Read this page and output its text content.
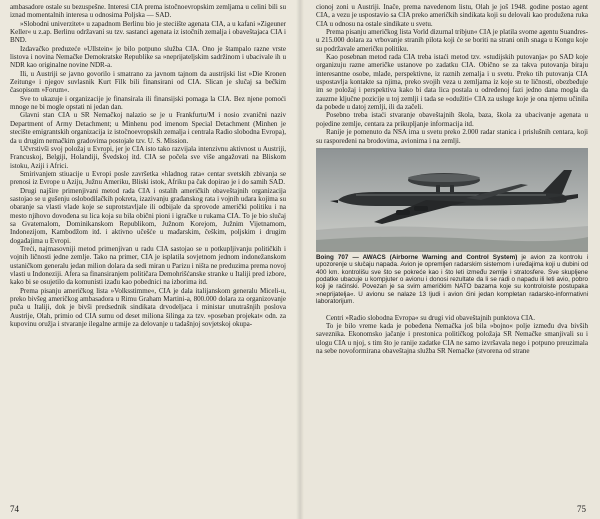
ambasadore ostale su bezuspešne. Interesi CIA prema istočnoevropskim zemljama u celini bili su iznad momentalnih interesa u odnosima Poljska — SAD.

»Slobodni univerzitet« u zapadnom Berlinu bio je steciište agenata CIA, a u kafani »Zigeuner Keller« u z.ap. Berlinu održavani su tzv. sastanci agenata iz istočnih zemalja i obaveštajaca CIA i BND.

Izdavačko preduzeće »Ullstein« je bilo potpuno služba CIA. Ono je štampalo razne vrste listova i novina Nemačke Demokratske Republike sa »neprijateljskim sadržinom i ubacivale ih u NDR kao originalne novine NDR-a.

Ili, u Austriji se javno govorilo i smatrano za javnom tajnom da austrijski list »Die Kronen Zeitung« i njegov suvlasnik Kurt Filk bili finansirani od CIA. Slican je slučaj sa bečkim časopisom »Forum«.

Sve to ukazuje i organizacije je finansirala ili finansijski pomaga la CIA. Bez njene pomoći mnoge ne bi mogle opstati ni jedan dan.

Glavni stan CIA u SR Nemačkoj nalazio se je u Frankfurtu/M i nosio zvanični naziv Department of Army Detachment; u Minhenu pod imenom Special Detachment (Minhen je stecište emigrantskih organizacija iz istočnoevropskih zemalja i centrala Radio slobodna Evropa), da u drugim nemačkim gradovima postojale tzv. U. S. Mission.

Učvrstivši svoj položaj u Evropi, jer je CIA isto tako razvijala intenzivnu aktivnost u Austriji, Francuskoj, Belgiji, Holandiji, Švedskoj itd. CIA se počela sve više angažovati na Bliskom istoku, Aziji i Africi.

Smirivanjem stiuacije u Evropi posle završetka »hladnog rata« centar svetskih zbivanja se prenosi iz Evrope u Aziju, Južnu Ameriku, Bliski istok, Afriku pa čak dopirao je i do samih SAD.

Drugi najšire primenjivani metod rada CIA i ostalih američkih obaveštajnih organizacija sastojao se u gušenju oslobodilačkih pokreta, izazivanju građanskog rata i vojnih udara kojima su obaranje sa vlasti vlade koje se suprotstavljale ili odbijale da sprovode američki politiku i na mesto njihovo dovođena su lica koja su bila obični pioni i igračke u rukama CIA. To je bio slučaj sa Gvatemalom, Dominikanskom Republikom, Južnom Korejom, Južnim Vijetnamom, Indonezijom, Kambodžom itd. i aktivno učešće u mađarskim, češkim, poljskim i drugim događajima u Evropi.

Treći, najmasovniji metod primenjivan u radu CIA sastojao se u potkupljivanju političkih i vojnih ličnosti jedne zemlje. Tako na primer, CIA je isplatila sovjetnom jednom indonežanskom ustaničkom generalu jedan milion dolara da sedi miran u Parizu i ništa ne preduzima prema novoj vlasti u Indoneziji. Afera sa finansiranjem političara Demohrišćanske stranke u Italiji pred izbore, kako bi se osujetilo da komunisti izađu kao pobednici na izborima itd.

Prema pisanju američkog lista »Volksstimme«, CIA je dala italijanskom generalu Miceli-u, preko bivšeg američkog ambasadora u Rimu Graham Martini-a, 800.000 dolara za organizovanje puča u Italiji, dok je bivši predsednik sindikata drvodeljaca i ministar unutrašnjih poslova Austrije, Olah, primio od CIA sumu od deset miliona šilinga za tzv. »poseban projekat« odn. za kupovinu oružja i stvaranje ilegalne armije za delovanje u tadašnjoj sovjetskoj okupa-

74

cionoj zoni u Austriji. Inače, prema navedenom listu, Olah je još 1948. godine postao agent CIA, a vezu je uspostavio sa CIA preko američkih sindikata koji su delovali kao produžena ruka CIA u odnosu na ostale sindikate u svetu.

Prema pisanju američkog lista Vorld dizurnal tribjun« CIA je platila svome agentu Suandres-u 215.000 dolara za vrbovanje stranih pilota koji će se boriti na strani onih snaga u Kongu koje su podržavale američku politiku.

Kao posebnan metod rada CIA treba istaći metod tzv. »studijskih putovanja« po SAD koje organizuju razne američke ustanove po zadatku CIA. Obično se za takva putovanja biraju interesantne osobe, mlađe, perspektivne, iz raznih zemalja i u svetu. Preko tih putovanja CIA uspostavlja kontakte sa njima, preko svojih veza u zemljama iz koje su te ličnosti, obezbeđuje im se položaj i perspektiva kako bi data lica postala u određenoj fazi jedno dana mogla da zauzme ključne pozicije u toj zemlji i tada se »odužiti« CIA za usluge koje je ona njemu učinila da pobede u datoj zemlji, ili da začeli.

Posebno treba istaći stvaranje obaveštajnih škola, baza, škola za ubacivanje agenata u pojedine zemlje, centara za prikupljanje informacija itd.

Ranije je pomenuto da NSA ima u svetu preko 2.000 radar stanica i prislušnih centara, koji su raspoređeni na brodovima, avionima i na zemlji.

Boing 707 — AWACS (Airborne Warning and Control System) je avion za kontrolu i upozorenje u slučaju napada. Avion je opremljen radarskim sistemom i uređajima koji u dubini od 400 km. kontrolišu sve što se pokreće kao i što leti između zemlje i stratosfere. Sve skupljene podatke ubacuje u kompjuter o avionu i donosi rezultate da li se radi o napadu ili leti avio, pobro koji je raćinski. Povezan je sa svim američkim NATO bazama koje su kontroloiste postupaka »neprijatelja«. U avionu se nalaze 13 ljudi i avion čini jedan kompletan radarsko-informativni laboratorijum.

Centri »Radio slobodna Evropa« su drugi vid obaveštajnih punktova CIA.

To je bilo vreme kada je pobeđena Nemačka još bila »bojno« polje između dva bivših saveznika. Ekonomsko jačanje i prestonica političkog položaja SR Nemačke smanjivali su i ulogu CIA u njoj, s tim što je ranije zadatke CIA ne samo izvršavala nego i potpuno preuzimala na sebe novoformirana obaveštajna služba SR Nemačke (stvorena od strane

75
